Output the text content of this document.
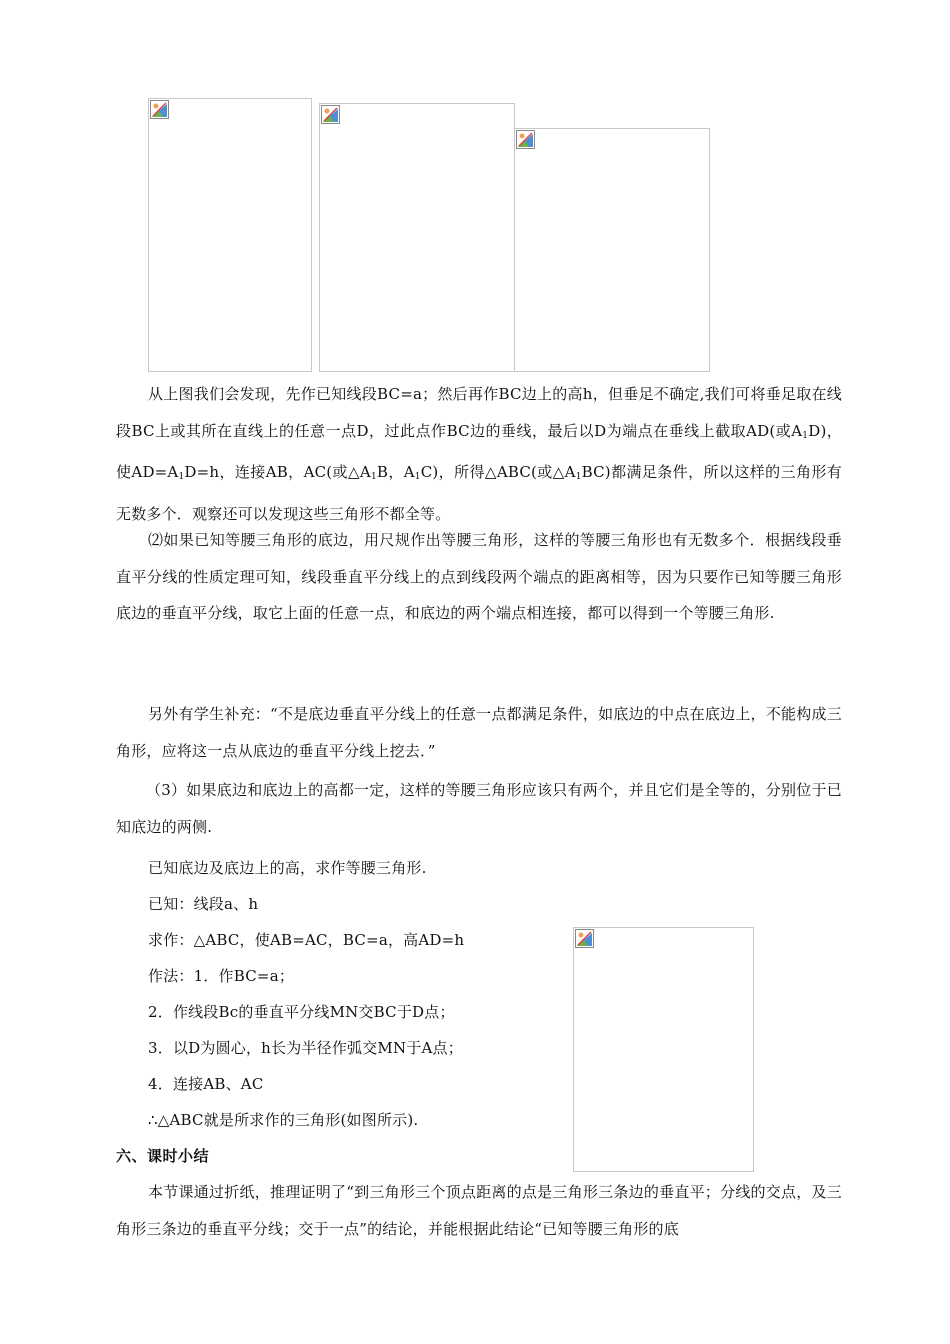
从上图我们会发现，先作已知线段BC=a；然后再作BC边上的高h，但垂足不确定,我们可将垂足取在线段BC上或其所在直线上的任意一点D，过此点作BC边的垂线，最后以D为端点在垂线上截取AD(或$A_1D$)，使$AD=A_1D=h$，连接AB，AC(或$\triangle A_1B$，$A_1C$)，所得△ABC(或$\triangle A_1BC$)都满足条件，所以这样的三角形有无数多个．观察还可以发现这些三角形不都全等。
⑵如果已知等腰三角形的底边，用尺规作出等腰三角形，这样的等腰三角形也有无数多个．根据线段垂直平分线的性质定理可知，线段垂直平分线上的点到线段两个端点的距离相等，因为只要作已知等腰三角形底边的垂直平分线，取它上面的任意一点，和底边的两个端点相连接，都可以得到一个等腰三角形.
另外有学生补充：“不是底边垂直平分线上的任意一点都满足条件，如底边的中点在底边上，不能构成三角形，应将这一点从底边的垂直平分线上挖去．”
（3）如果底边和底边上的高都一定，这样的等腰三角形应该只有两个，并且它们是全等的，分别位于已知底边的两侧.
已知底边及底边上的高，求作等腰三角形.
已知：线段a、h
求作：△ABC，使AB=AC，BC=a，高AD=h
作法：1．作BC=a；
2．作线段Bc的垂直平分线MN交BC于D点；
3．以D为圆心，h长为半径作弧交MN于A点；
4．连接AB、AC
∴△ABC就是所求作的三角形(如图所示).
六、课时小结
本节课通过折纸，推理证明了“到三角形三个顶点距离的点是三角形三条边的垂直平；分线的交点，及三角形三条边的垂直平分线；交于一点”的结论，并能根据此结论“已知等腰三角形的底
